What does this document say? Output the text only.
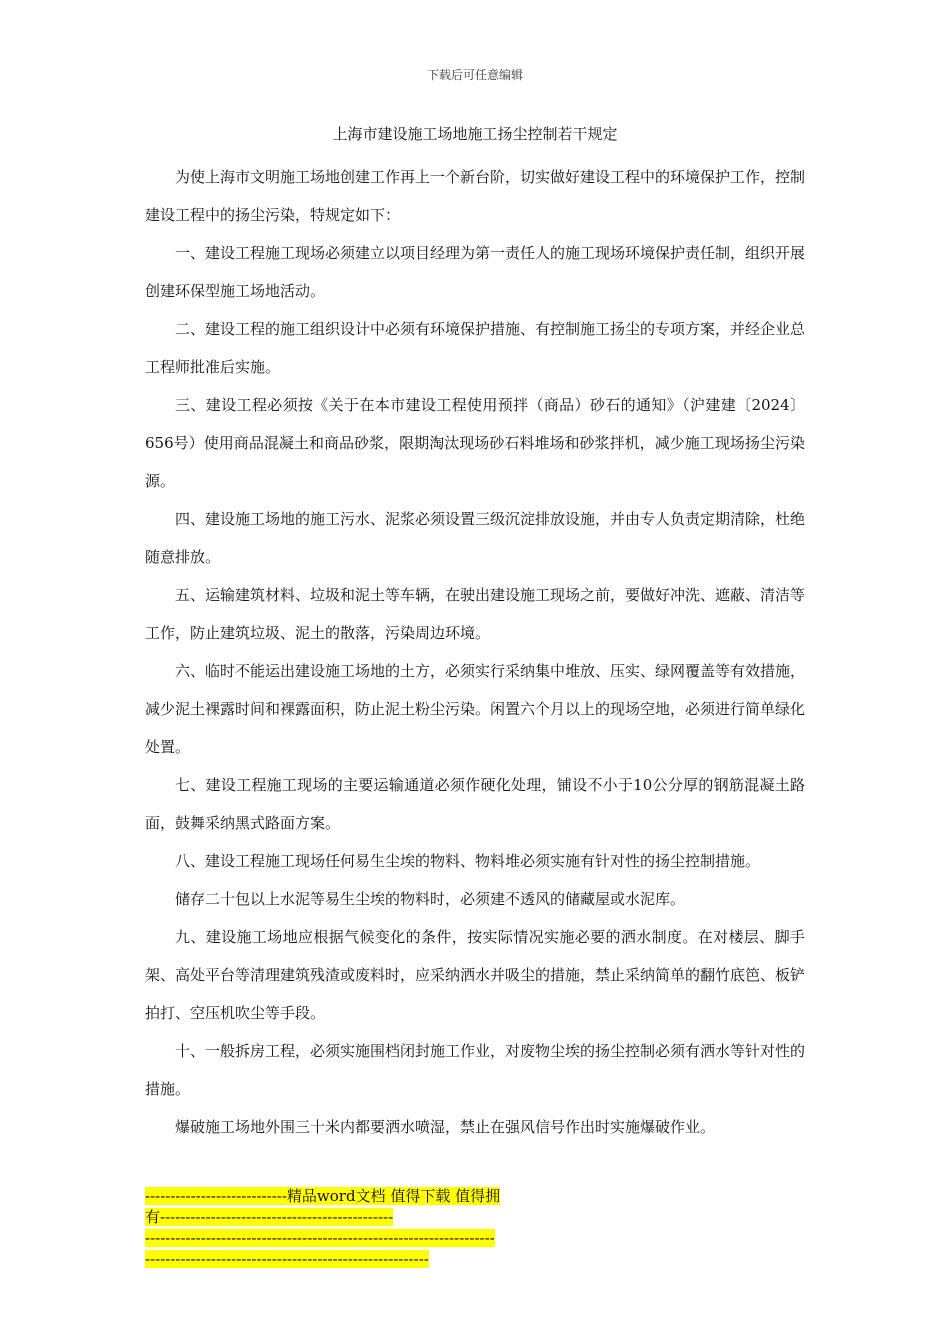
下载后可任意编辑
上海市建设施工场地施工扬尘控制若干规定

为使上海市文明施工场地创建工作再上一个新台阶，切实做好建设工程中的环境保护工作，控制建设工程中的扬尘污染，特规定如下：

一、建设工程施工现场必须建立以项目经理为第一责任人的施工现场环境保护责任制，组织开展创建环保型施工场地活动。

二、建设工程的施工组织设计中必须有环境保护措施、有控制施工扬尘的专项方案，并经企业总工程师批准后实施。

三、建设工程必须按《关于在本市建设工程使用预拌（商品）砂石的通知》（沪建建〔2024〕656号）使用商品混凝土和商品砂浆，限期淘汰现场砂石料堆场和砂浆拌机，减少施工现场扬尘污染源。

四、建设施工场地的施工污水、泥浆必须设置三级沉淀排放设施，并由专人负责定期清除，杜绝随意排放。

五、运输建筑材料、垃圾和泥土等车辆，在驶出建设施工现场之前，要做好冲洗、遮蔽、清洁等工作，防止建筑垃圾、泥土的散落，污染周边环境。

六、临时不能运出建设施工场地的土方，必须实行采纳集中堆放、压实、绿网覆盖等有效措施，减少泥土裸露时间和裸露面积，防止泥土粉尘污染。闲置六个月以上的现场空地，必须进行简单绿化处置。

七、建设工程施工现场的主要运输通道必须作硬化处理，铺设不小于10公分厚的钢筋混凝土路面，鼓舞采纳黑式路面方案。

八、建设工程施工现场任何易生尘埃的物料、物料堆必须实施有针对性的扬尘控制措施。

储存二十包以上水泥等易生尘埃的物料时，必须建不透风的储藏屋或水泥库。

九、建设施工场地应根据气候变化的条件，按实际情况实施必要的洒水制度。在对楼层、脚手架、高处平台等清理建筑残渣或废料时，应采纳洒水并吸尘的措施，禁止采纳简单的翻竹底笆、板铲拍打、空压机吹尘等手段。

十、一般拆房工程，必须实施围档闭封施工作业，对废物尘埃的扬尘控制必须有洒水等针对性的措施。

爆破施工场地外围三十米内都要洒水喷湿，禁止在强风信号作出时实施爆破作业。

----------------------------精品word文档 值得下载 值得拥
有----------------------------------------------
---------------------------------------------------------------------
--------------------------------------------------------
